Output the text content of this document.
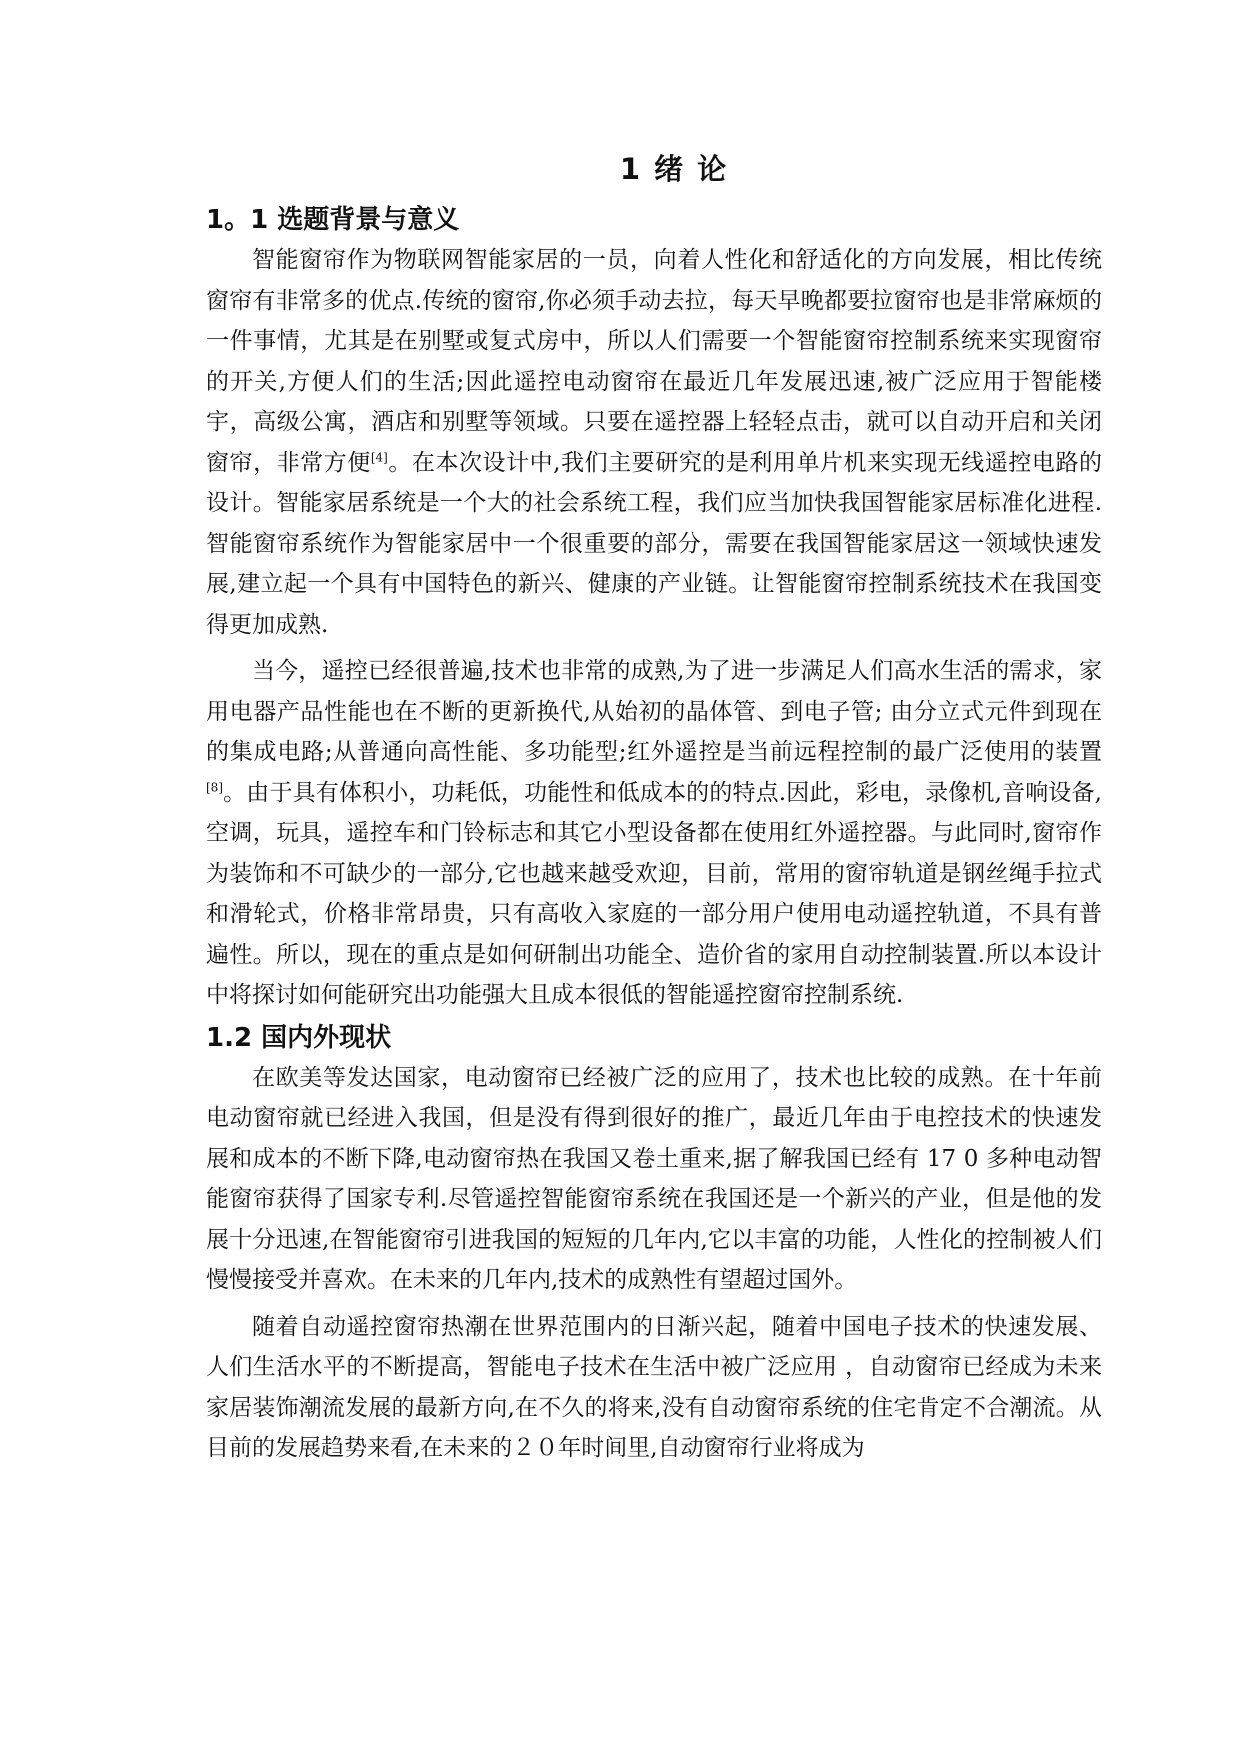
1 绪 论
1。1 选题背景与意义

智能窗帘作为物联网智能家居的一员，向着人性化和舒适化的方向发展，相比传统窗帘有非常多的优点.传统的窗帘,你必须手动去拉，每天早晚都要拉窗帘也是非常麻烦的一件事情，尤其是在别墅或复式房中，所以人们需要一个智能窗帘控制系统来实现窗帘的开关,方便人们的生活;因此遥控电动窗帘在最近几年发展迅速,被广泛应用于智能楼宇，高级公寓，酒店和别墅等领域。只要在遥控器上轻轻点击，就可以自动开启和关闭窗帘，非常方便[4]。在本次设计中,我们主要研究的是利用单片机来实现无线遥控电路的设计。智能家居系统是一个大的社会系统工程，我们应当加快我国智能家居标准化进程.智能窗帘系统作为智能家居中一个很重要的部分，需要在我国智能家居这一领域快速发展,建立起一个具有中国特色的新兴、健康的产业链。让智能窗帘控制系统技术在我国变得更加成熟.

当今，遥控已经很普遍,技术也非常的成熟,为了进一步满足人们高水生活的需求，家用电器产品性能也在不断的更新换代,从始初的晶体管、到电子管; 由分立式元件到现在的集成电路;从普通向高性能、多功能型;红外遥控是当前远程控制的最广泛使用的装置[8]。由于具有体积小，功耗低，功能性和低成本的的特点.因此，彩电，录像机,音响设备,空调，玩具，遥控车和门铃标志和其它小型设备都在使用红外遥控器。与此同时,窗帘作为装饰和不可缺少的一部分,它也越来越受欢迎，目前，常用的窗帘轨道是钢丝绳手拉式和滑轮式，价格非常昂贵，只有高收入家庭的一部分用户使用电动遥控轨道，不具有普遍性。所以，现在的重点是如何研制出功能全、造价省的家用自动控制装置.所以本设计中将探讨如何能研究出功能强大且成本很低的智能遥控窗帘控制系统.

1.2 国内外现状

在欧美等发达国家，电动窗帘已经被广泛的应用了，技术也比较的成熟。在十年前电动窗帘就已经进入我国，但是没有得到很好的推广，最近几年由于电控技术的快速发展和成本的不断下降,电动窗帘热在我国又卷土重来,据了解我国已经有 17 0 多种电动智能窗帘获得了国家专利.尽管遥控智能窗帘系统在我国还是一个新兴的产业，但是他的发展十分迅速,在智能窗帘引进我国的短短的几年内,它以丰富的功能，人性化的控制被人们慢慢接受并喜欢。在未来的几年内,技术的成熟性有望超过国外。

随着自动遥控窗帘热潮在世界范围内的日渐兴起，随着中国电子技术的快速发展、人们生活水平的不断提高，智能电子技术在生活中被广泛应用 ，自动窗帘已经成为未来家居装饰潮流发展的最新方向,在不久的将来,没有自动窗帘系统的住宅肯定不合潮流。从目前的发展趋势来看,在未来的２０年时间里,自动窗帘行业将成为
